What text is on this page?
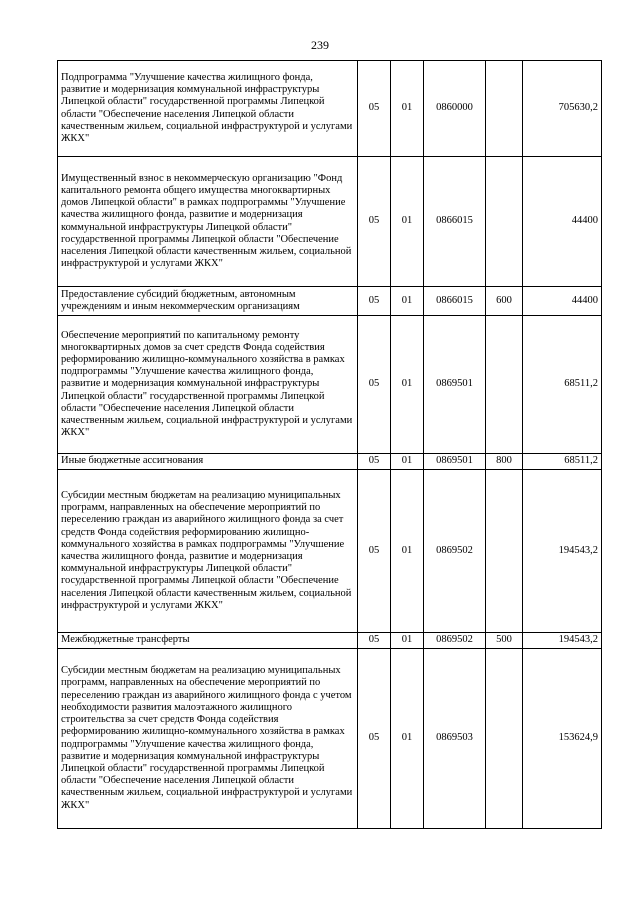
239
Подпрограмма "Улучшение качества жилищного фонда, развитие и модернизация коммунальной инфраструктуры Липецкой области" государственной программы Липецкой области "Обеспечение населения Липецкой области качественным жильем, социальной инфраструктурой и услугами ЖКХ"	05	01	0860000		705630,2
Имущественный взнос в некоммерческую организацию "Фонд капитального ремонта общего имущества многоквартирных домов Липецкой области" в рамках подпрограммы "Улучшение качества жилищного фонда, развитие и модернизация коммунальной инфраструктуры Липецкой области" государственной программы Липецкой области "Обеспечение населения Липецкой области качественным жильем, социальной инфраструктурой и услугами ЖКХ"	05	01	0866015		44400
Предоставление субсидий бюджетным, автономным учреждениям и иным некоммерческим организациям	05	01	0866015	600	44400
Обеспечение мероприятий по капитальному ремонту многоквартирных домов за счет средств Фонда содействия реформированию жилищно-коммунального хозяйства в рамках подпрограммы "Улучшение качества жилищного фонда, развитие и модернизация коммунальной инфраструктуры Липецкой области" государственной программы Липецкой области "Обеспечение населения Липецкой области качественным жильем, социальной инфраструктурой и услугами ЖКХ"	05	01	0869501		68511,2
Иные бюджетные ассигнования	05	01	0869501	800	68511,2
Субсидии местным бюджетам на реализацию муниципальных программ, направленных на обеспечение мероприятий по переселению граждан из аварийного жилищного фонда за счет средств Фонда содействия реформированию жилищно-коммунального хозяйства в рамках подпрограммы "Улучшение качества жилищного фонда, развитие и модернизация коммунальной инфраструктуры Липецкой области" государственной программы Липецкой области "Обеспечение населения Липецкой области качественным жильем, социальной инфраструктурой и услугами ЖКХ"	05	01	0869502		194543,2
Межбюджетные трансферты	05	01	0869502	500	194543,2
Субсидии местным бюджетам на реализацию муниципальных программ, направленных на обеспечение мероприятий по переселению граждан из аварийного жилищного фонда с учетом необходимости развития малоэтажного жилищного строительства за счет средств Фонда содействия реформированию жилищно-коммунального хозяйства в рамках подпрограммы "Улучшение качества жилищного фонда, развитие и модернизация коммунальной инфраструктуры Липецкой области" государственной программы Липецкой области "Обеспечение населения Липецкой области качественным жильем, социальной инфраструктурой и услугами ЖКХ"	05	01	0869503		153624,9
